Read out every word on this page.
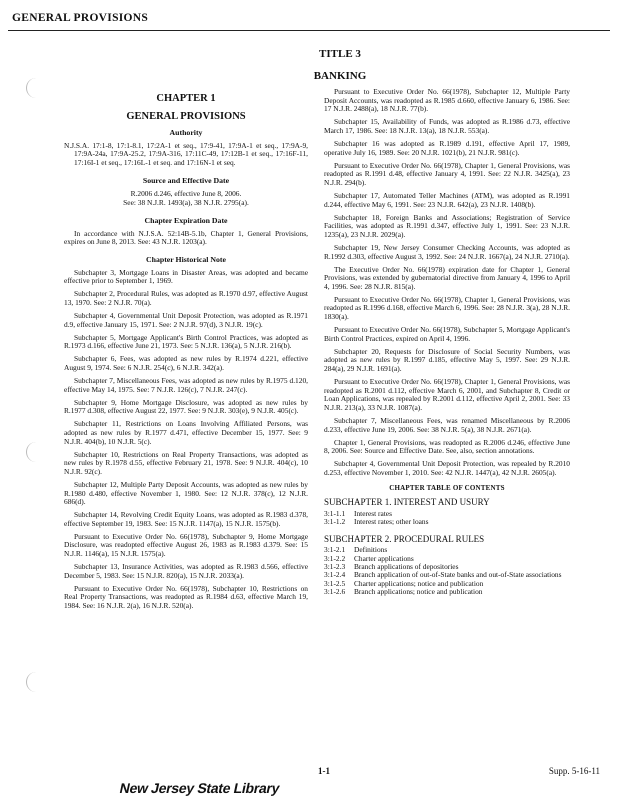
GENERAL PROVISIONS
TITLE 3
BANKING
CHAPTER 1
GENERAL PROVISIONS
Authority
N.J.S.A. 17:1-8, 17:1-8.1, 17:2A-1 et seq., 17:9-41, 17:9A-1 et seq., 17:9A-9, 17:9A-24a, 17:9A-25.2, 17:9A-316, 17:11C-49, 17:12B-1 et seq., 17:16F-11, 17:16I-1 et seq., 17:16L-1 et seq. and 17:16N-1 et seq.
Source and Effective Date
R.2006 d.246, effective June 8, 2006.
See: 38 N.J.R. 1493(a), 38 N.J.R. 2795(a).
Chapter Expiration Date
In accordance with N.J.S.A. 52:14B-5.1b, Chapter 1, General Provisions, expires on June 8, 2013. See: 43 N.J.R. 1203(a).
Chapter Historical Note
Subchapter 3, Mortgage Loans in Disaster Areas, was adopted and became effective prior to September 1, 1969.
Subchapter 2, Procedural Rules, was adopted as R.1970 d.97, effective August 13, 1970. See: 2 N.J.R. 70(a).
Subchapter 4, Governmental Unit Deposit Protection, was adopted as R.1971 d.9, effective January 15, 1971. See: 2 N.J.R. 97(d), 3 N.J.R. 19(c).
Subchapter 5, Mortgage Applicant's Birth Control Practices, was adopted as R.1973 d.166, effective June 21, 1973. See: 5 N.J.R. 136(a), 5 N.J.R. 216(b).
Subchapter 6, Fees, was adopted as new rules by R.1974 d.221, effective August 9, 1974. See: 6 N.J.R. 254(c), 6 N.J.R. 342(a).
Subchapter 7, Miscellaneous Fees, was adopted as new rules by R.1975 d.120, effective May 14, 1975. See: 7 N.J.R. 126(c), 7 N.J.R. 247(c).
Subchapter 9, Home Mortgage Disclosure, was adopted as new rules by R.1977 d.308, effective August 22, 1977. See: 9 N.J.R. 303(e), 9 N.J.R. 405(c).
Subchapter 11, Restrictions on Loans Involving Affiliated Persons, was adopted as new rules by R.1977 d.471, effective December 15, 1977. See: 9 N.J.R. 404(b), 10 N.J.R. 5(c).
Subchapter 10, Restrictions on Real Property Transactions, was adopted as new rules by R.1978 d.55, effective February 21, 1978. See: 9 N.J.R. 404(c), 10 N.J.R. 92(c).
Subchapter 12, Multiple Party Deposit Accounts, was adopted as new rules by R.1980 d.480, effective November 1, 1980. See: 12 N.J.R. 378(c), 12 N.J.R. 686(d).
Subchapter 14, Revolving Credit Equity Loans, was adopted as R.1983 d.378, effective September 19, 1983. See: 15 N.J.R. 1147(a), 15 N.J.R. 1575(b).
Pursuant to Executive Order No. 66(1978), Subchapter 9, Home Mortgage Disclosure, was readopted effective August 26, 1983 as R.1983 d.379. See: 15 N.J.R. 1146(a), 15 N.J.R. 1575(a).
Subchapter 13, Insurance Activities, was adopted as R.1983 d.566, effective December 5, 1983. See: 15 N.J.R. 820(a), 15 N.J.R. 2033(a).
Pursuant to Executive Order No. 66(1978), Subchapter 10, Restrictions on Real Property Transactions, was readopted as R.1984 d.63, effective March 19, 1984. See: 16 N.J.R. 2(a), 16 N.J.R. 520(a).
Pursuant to Executive Order No. 66(1978), Subchapter 12, Multiple Party Deposit Accounts, was readopted as R.1985 d.660, effective January 6, 1986. See: 17 N.J.R. 2488(a), 18 N.J.R. 77(b).
Subchapter 15, Availability of Funds, was adopted as R.1986 d.73, effective March 17, 1986. See: 18 N.J.R. 13(a), 18 N.J.R. 553(a).
Subchapter 16 was adopted as R.1989 d.191, effective April 17, 1989, operative July 16, 1989. See: 20 N.J.R. 1021(b), 21 N.J.R. 981(c).
Pursuant to Executive Order No. 66(1978), Chapter 1, General Provisions, was readopted as R.1991 d.48, effective January 4, 1991. See: 22 N.J.R. 3425(a), 23 N.J.R. 294(b).
Subchapter 17, Automated Teller Machines (ATM), was adopted as R.1991 d.244, effective May 6, 1991. See: 23 N.J.R. 642(a), 23 N.J.R. 1408(b).
Subchapter 18, Foreign Banks and Associations; Registration of Service Facilities, was adopted as R.1991 d.347, effective July 1, 1991. See: 23 N.J.R. 1235(a), 23 N.J.R. 2029(a).
Subchapter 19, New Jersey Consumer Checking Accounts, was adopted as R.1992 d.303, effective August 3, 1992. See: 24 N.J.R. 1667(a), 24 N.J.R. 2710(a).
The Executive Order No. 66(1978) expiration date for Chapter 1, General Provisions, was extended by gubernatorial directive from January 4, 1996 to April 4, 1996. See: 28 N.J.R. 815(a).
Pursuant to Executive Order No. 66(1978), Chapter 1, General Provisions, was readopted as R.1996 d.168, effective March 6, 1996. See: 28 N.J.R. 3(a), 28 N.J.R. 1830(a).
Pursuant to Executive Order No. 66(1978), Subchapter 5, Mortgage Applicant's Birth Control Practices, expired on April 4, 1996.
Subchapter 20, Requests for Disclosure of Social Security Numbers, was adopted as new rules by R.1997 d.185, effective May 5, 1997. See: 29 N.J.R. 284(a), 29 N.J.R. 1691(a).
Pursuant to Executive Order No. 66(1978), Chapter 1, General Provisions, was readopted as R.2001 d.112, effective March 6, 2001, and Subchapter 8, Credit or Loan Applications, was repealed by R.2001 d.112, effective April 2, 2001. See: 33 N.J.R. 213(a), 33 N.J.R. 1087(a).
Subchapter 7, Miscellaneous Fees, was renamed Miscellaneous by R.2006 d.233, effective June 19, 2006. See: 38 N.J.R. 5(a), 38 N.J.R. 2671(a).
Chapter 1, General Provisions, was readopted as R.2006 d.246, effective June 8, 2006. See: Source and Effective Date. See, also, section annotations.
Subchapter 4, Governmental Unit Deposit Protection, was repealed by R.2010 d.253, effective November 1, 2010. See: 42 N.J.R. 1447(a), 42 N.J.R. 2605(a).
CHAPTER TABLE OF CONTENTS
SUBCHAPTER 1. INTEREST AND USURY
3:1-1.1	Interest rates
3:1-1.2	Interest rates; other loans
SUBCHAPTER 2. PROCEDURAL RULES
3:1-2.1	Definitions
3:1-2.2	Charter applications
3:1-2.3	Branch applications of depositories
3:1-2.4	Branch application of out-of-State banks and out-of-State associations
3:1-2.5	Charter applications; notice and publication
3:1-2.6	Branch applications; notice and publication
1-1	Supp. 5-16-11
New Jersey State Library
